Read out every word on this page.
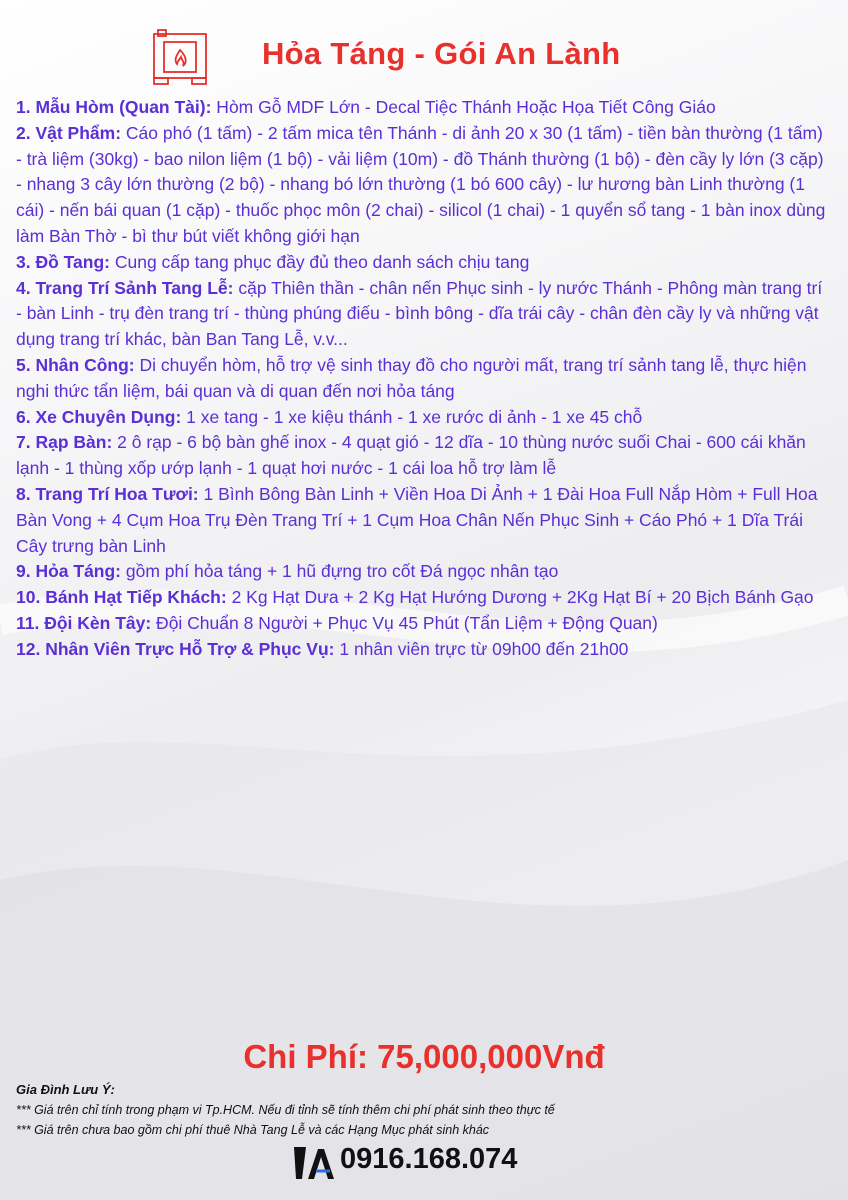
Hỏa Táng - Gói An Lành

1. Mẫu Hòm (Quan Tài): Hòm Gỗ MDF Lớn - Decal Tiệc Thánh Hoặc Họa Tiết Công Giáo

2. Vật Phẩm: Cáo phó (1 tấm) - 2 tấm mica tên Thánh - di ảnh 20 x 30 (1 tấm) - tiền bàn thường (1 tấm) - trà liệm (30kg) - bao nilon liệm (1 bộ) - vải liệm (10m) - đồ Thánh thường (1 bộ) - đèn cầy ly lớn (3 cặp) - nhang 3 cây lớn thường (2 bộ) - nhang bó lớn thường (1 bó 600 cây) - lư hương bàn Linh thường (1 cái) - nến bái quan (1 cặp) - thuốc phọc môn (2 chai) - silicol (1 chai) - 1 quyển sổ tang - 1 bàn inox dùng làm Bàn Thờ - bì thư bút viết không giới hạn

3. Đồ Tang: Cung cấp tang phục đầy đủ theo danh sách chịu tang

4. Trang Trí Sảnh Tang Lễ: cặp Thiên thần - chân nến Phục sinh - ly nước Thánh - Phông màn trang trí - bàn Linh - trụ đèn trang trí - thùng phúng điếu - bình bông - dĩa trái cây - chân đèn cầy ly và những vật dụng trang trí khác, bàn Ban Tang Lễ, v.v...

5. Nhân Công: Di chuyển hòm, hỗ trợ vệ sinh thay đồ cho người mất, trang trí sảnh tang lễ, thực hiện nghi thức tẩn liệm, bái quan và di quan đến nơi hỏa táng

6. Xe Chuyên Dụng: 1 xe tang - 1 xe kiệu thánh - 1 xe rước di ảnh - 1 xe 45 chỗ

7. Rạp Bàn: 2 ô rạp - 6 bộ bàn ghế inox - 4 quạt gió - 12 dĩa - 10 thùng nước suối Chai - 600 cái khăn lạnh - 1 thùng xốp ướp lạnh - 1 quạt hơi nước - 1 cái loa hỗ trợ làm lễ

8. Trang Trí Hoa Tươi: 1 Bình Bông Bàn Linh + Viền Hoa Di Ảnh + 1 Đài Hoa Full Nắp Hòm + Full Hoa Bàn Vong + 4 Cụm Hoa Trụ Đèn Trang Trí + 1 Cụm Hoa Chân Nến Phục Sinh + Cáo Phó + 1 Dĩa Trái Cây trưng bàn Linh

9. Hỏa Táng: gồm phí hỏa táng + 1 hũ đựng tro cốt Đá ngọc nhân tạo

10. Bánh Hạt Tiếp Khách: 2 Kg Hạt Dưa + 2 Kg Hạt Hướng Dương + 2Kg Hạt Bí + 20 Bịch Bánh Gạo

11. Đội Kèn Tây: Đội Chuẩn 8 Người + Phục Vụ 45 Phút (Tẩn Liệm + Động Quan)

12. Nhân Viên Trực Hỗ Trợ & Phục Vụ: 1 nhân viên trực từ 09h00 đến 21h00

Chi Phí: 75,000,000Vnđ
Gia Đình Lưu Ý:
*** Giá trên chỉ tính trong phạm vi Tp.HCM. Nếu đi tỉnh sẽ tính thêm chi phí phát sinh theo thực tế
*** Giá trên chưa bao gồm chi phí thuê Nhà Tang Lễ và các Hạng Mục phát sinh khác
0916.168.074
